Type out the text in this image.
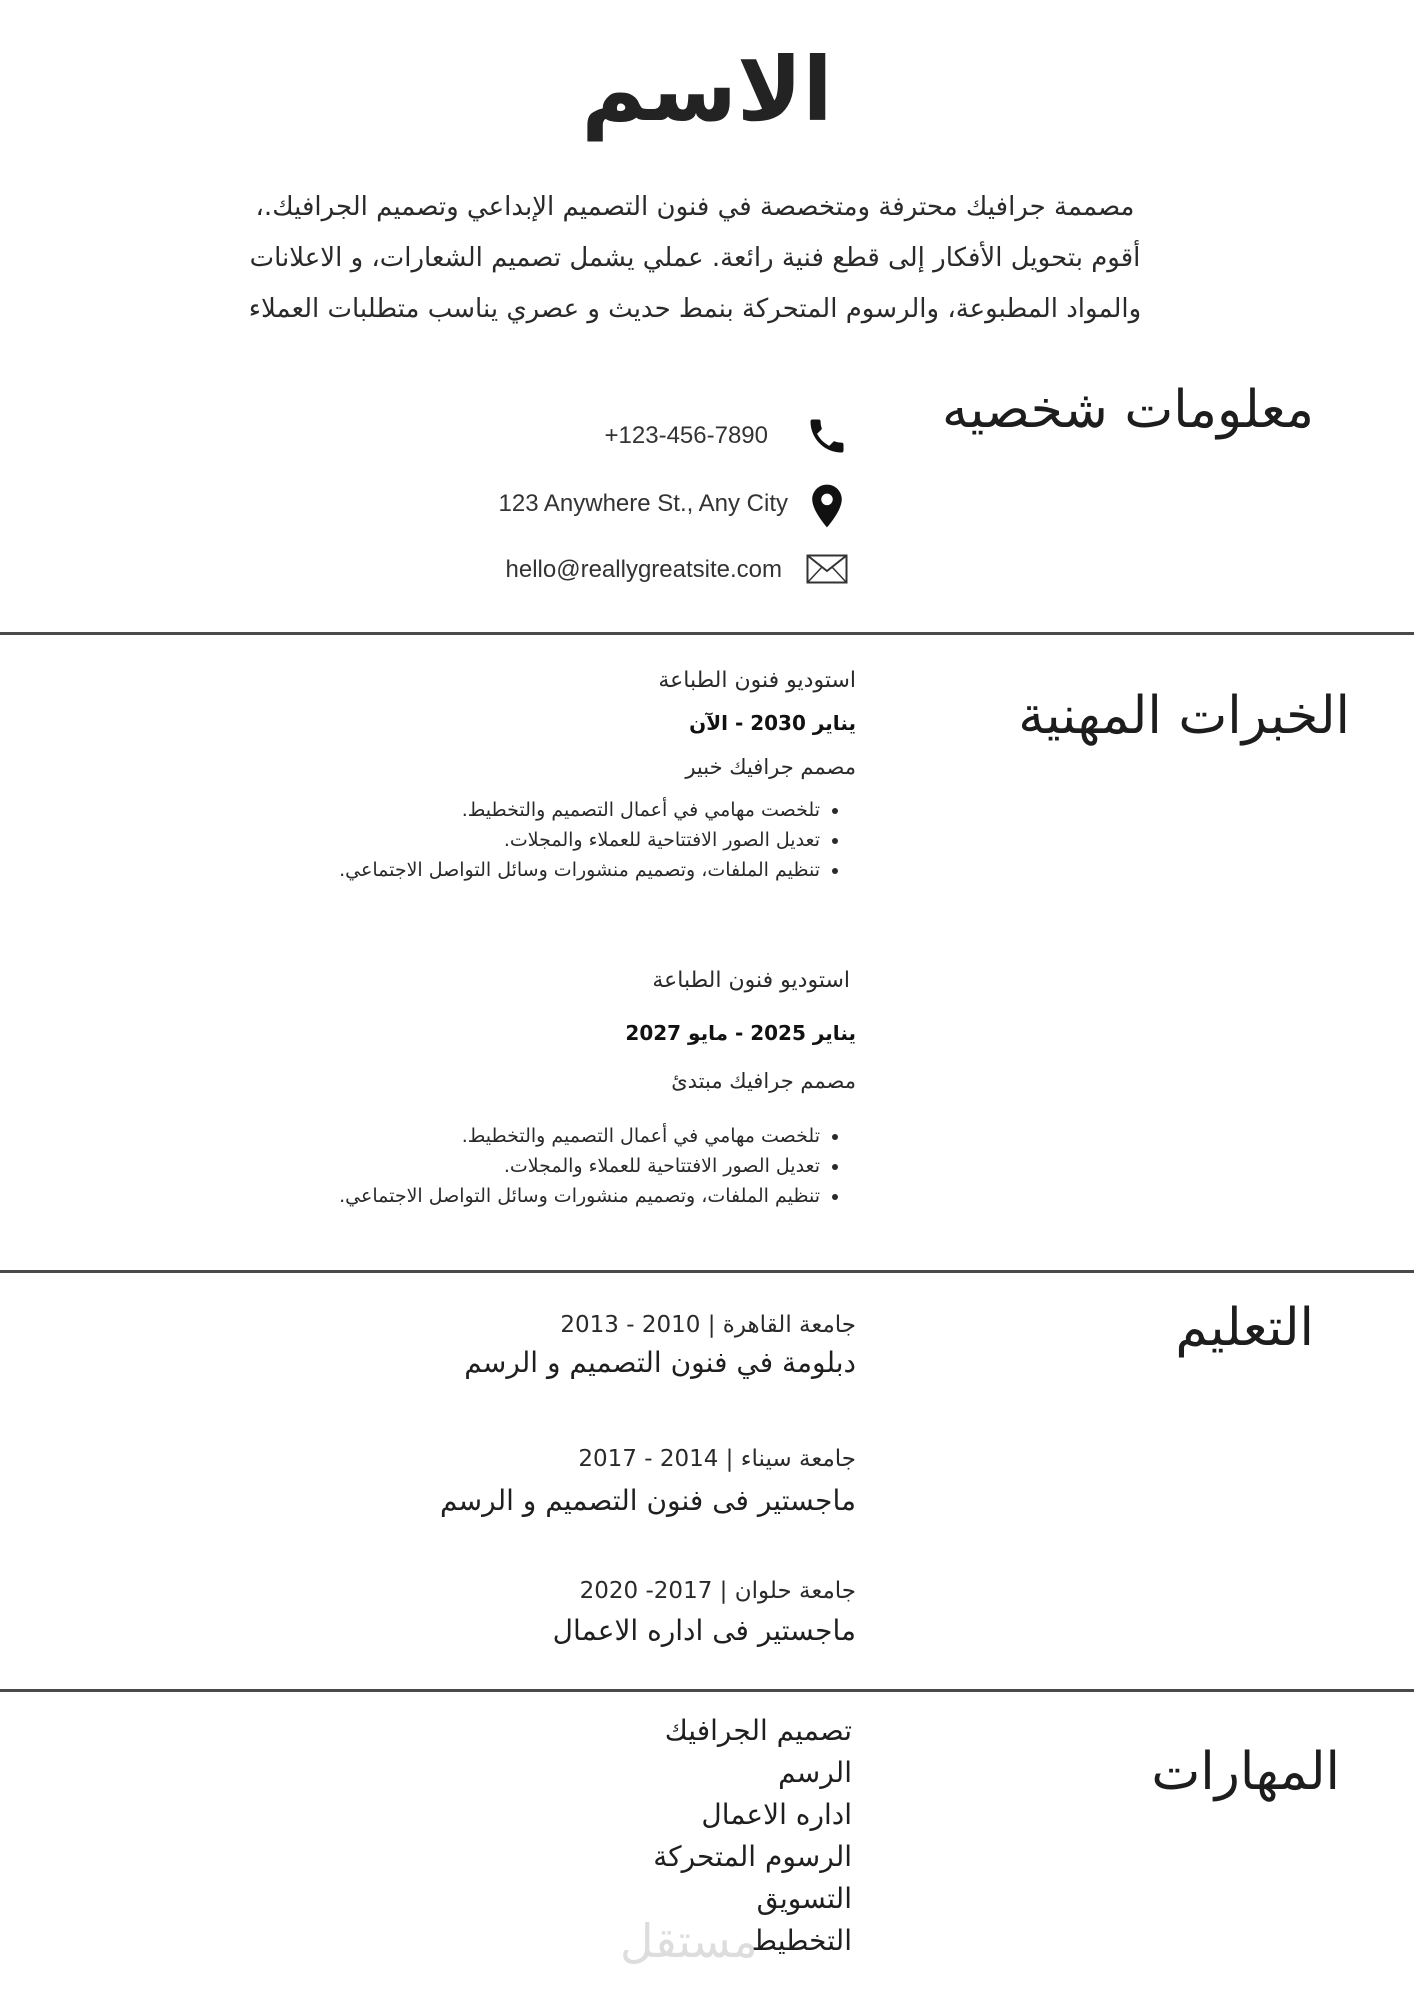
الاسم
مصممة جرافيك محترفة ومتخصصة في فنون التصميم الإبداعي وتصميم الجرافيك.،
أقوم بتحويل الأفكار إلى قطع فنية رائعة. عملي يشمل تصميم الشعارات، و الاعلانات
والمواد المطبوعة، والرسوم المتحركة بنمط حديث و عصري يناسب متطلبات العملاء
معلومات شخصيه
+123-456-7890
123 Anywhere St., Any City
hello@reallygreatsite.com
الخبرات المهنية
استوديو فنون الطباعة
يناير 2030 - الآن
مصمم جرافيك خبير
• تلخصت مهامي في أعمال التصميم والتخطيط.
• تعديل الصور الافتتاحية للعملاء والمجلات.
• تنظيم الملفات، وتصميم منشورات وسائل التواصل الاجتماعي.
استوديو فنون الطباعة
يناير 2025 - مايو 2027
مصمم جرافيك مبتدئ
• تلخصت مهامي في أعمال التصميم والتخطيط.
• تعديل الصور الافتتاحية للعملاء والمجلات.
• تنظيم الملفات، وتصميم منشورات وسائل التواصل الاجتماعي.
التعليم
جامعة القاهرة | 2010 - 2013
دبلومة في فنون التصميم و الرسم
جامعة سيناء | 2014 - 2017
ماجستير فى فنون التصميم و الرسم
جامعة حلوان | 2017- 2020
ماجستير فى اداره الاعمال
المهارات
تصميم الجرافيك
الرسم
اداره الاعمال
الرسوم المتحركة
التسويق
التخطيط
مستقل
